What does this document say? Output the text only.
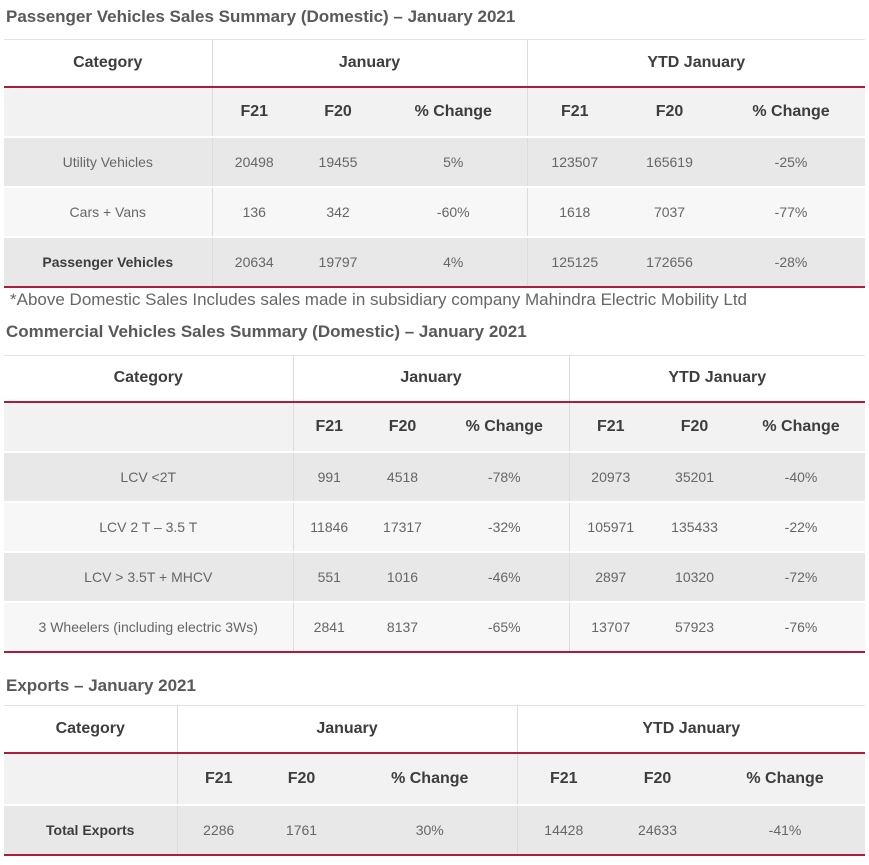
Passenger Vehicles Sales Summary (Domestic) – January 2021
Category	January			YTD January		
	F21	F20	% Change	F21	F20	% Change
Utility Vehicles	20498	19455	5%	123507	165619	-25%
Cars + Vans	136	342	-60%	1618	7037	-77%
Passenger Vehicles	20634	19797	4%	125125	172656	-28%

*Above Domestic Sales Includes sales made in subsidiary company Mahindra Electric Mobility Ltd

Commercial Vehicles Sales Summary (Domestic) – January 2021
Category	January			YTD January		
	F21	F20	% Change	F21	F20	% Change
LCV <2T	991	4518	-78%	20973	35201	-40%
LCV 2 T – 3.5 T	11846	17317	-32%	105971	135433	-22%
LCV > 3.5T + MHCV	551	1016	-46%	2897	10320	-72%
3 Wheelers (including electric 3Ws)	2841	8137	-65%	13707	57923	-76%
Exports – January 2021
Category	January			YTD January		
	F21	F20	% Change	F21	F20	% Change
Total Exports	2286	1761	30%	14428	24633	-41%
